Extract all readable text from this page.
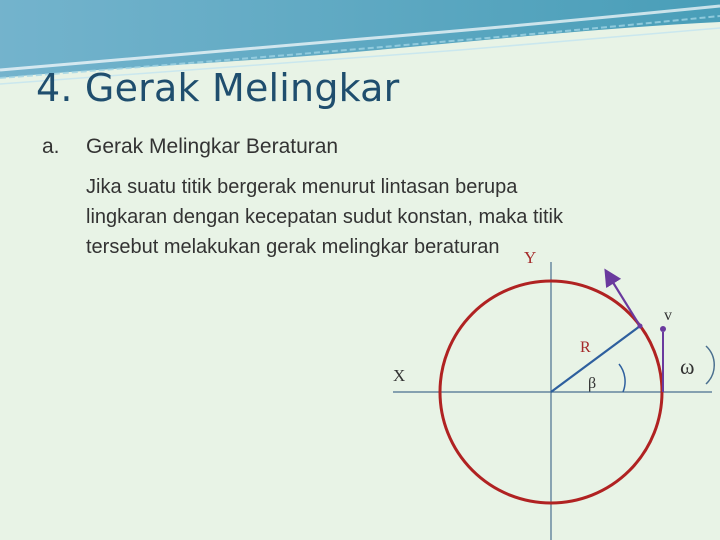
4. Gerak Melingkar
a. Gerak Melingkar Beraturan
Jika suatu titik bergerak menurut lintasan berupa
lingkaran dengan kecepatan sudut konstan, maka titik
tersebut melakukan gerak melingkar beraturan	Y
X
R
β
v
ω
